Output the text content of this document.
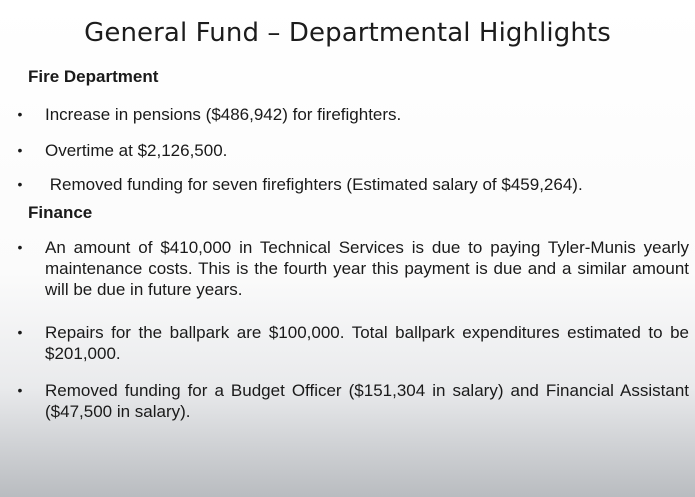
General Fund – Departmental Highlights
Fire Department
• Increase in pensions ($486,942) for firefighters.
• Overtime at $2,126,500.
• Removed funding for seven firefighters (Estimated salary of $459,264).
Finance
• An amount of $410,000 in Technical Services is due to paying Tyler-Munis yearly maintenance costs. This is the fourth year this payment is due and a similar amount will be due in future years.
• Repairs for the ballpark are $100,000. Total ballpark expenditures estimated to be $201,000.
• Removed funding for a Budget Officer ($151,304 in salary) and Financial Assistant ($47,500 in salary).
